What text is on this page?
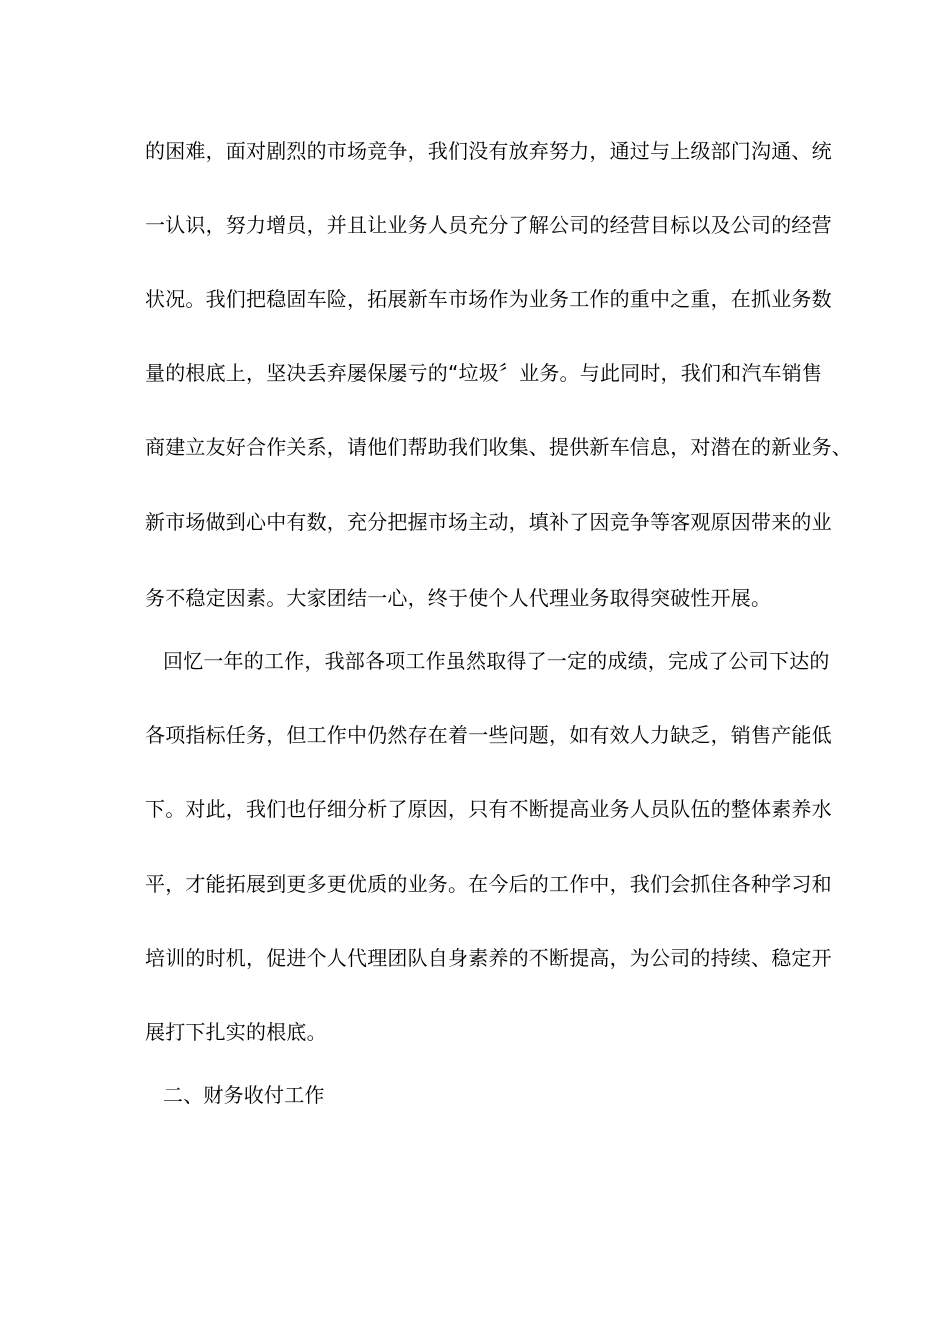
的困难，面对剧烈的市场竞争，我们没有放弃努力，通过与上级部门沟通、统
一认识，努力增员，并且让业务人员充分了解公司的经营目标以及公司的经营
状况。我们把稳固车险，拓展新车市场作为业务工作的重中之重，在抓业务数
量的根底上，坚决丢弃屡保屡亏的“垃圾〞业务。与此同时，我们和汽车销售
商建立友好合作关系，请他们帮助我们收集、提供新车信息，对潜在的新业务、
新市场做到心中有数，充分把握市场主动，填补了因竞争等客观原因带来的业
务不稳定因素。大家团结一心，终于使个人代理业务取得突破性开展。
回忆一年的工作，我部各项工作虽然取得了一定的成绩，完成了公司下达的
各项指标任务，但工作中仍然存在着一些问题，如有效人力缺乏，销售产能低
下。对此，我们也仔细分析了原因，只有不断提高业务人员队伍的整体素养水
平，才能拓展到更多更优质的业务。在今后的工作中，我们会抓住各种学习和
培训的时机，促进个人代理团队自身素养的不断提高，为公司的持续、稳定开
展打下扎实的根底。
二、财务收付工作
